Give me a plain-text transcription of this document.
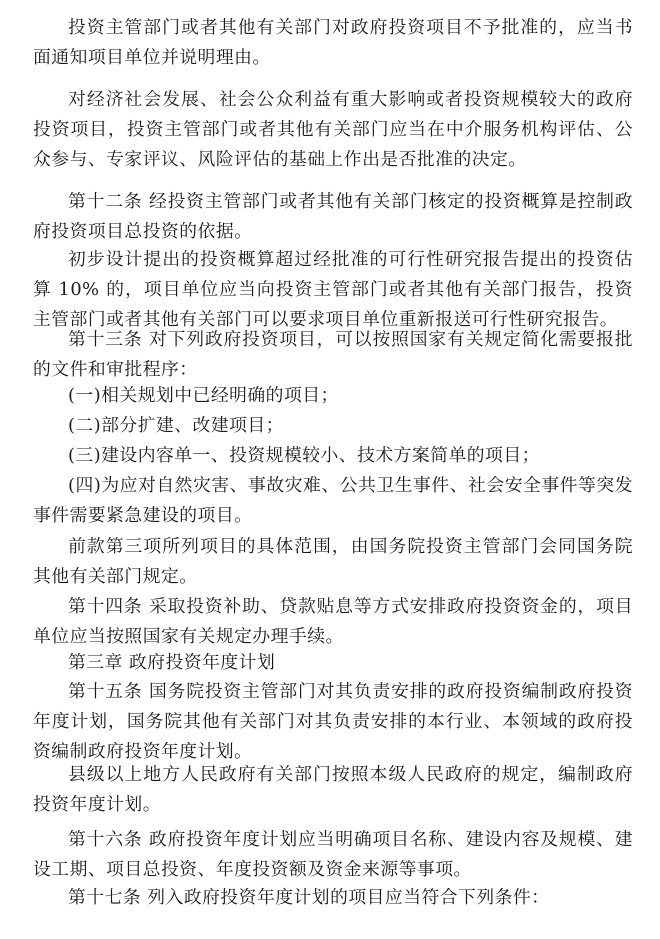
投资主管部门或者其他有关部门对政府投资项目不予批准的，应当书面通知项目单位并说明理由。

对经济社会发展、社会公众利益有重大影响或者投资规模较大的政府投资项目，投资主管部门或者其他有关部门应当在中介服务机构评估、公众参与、专家评议、风险评估的基础上作出是否批准的决定。

第十二条 经投资主管部门或者其他有关部门核定的投资概算是控制政府投资项目总投资的依据。

初步设计提出的投资概算超过经批准的可行性研究报告提出的投资估算 10% 的，项目单位应当向投资主管部门或者其他有关部门报告，投资主管部门或者其他有关部门可以要求项目单位重新报送可行性研究报告。

第十三条 对下列政府投资项目，可以按照国家有关规定简化需要报批的文件和审批程序：

(一)相关规划中已经明确的项目；

(二)部分扩建、改建项目；

(三)建设内容单一、投资规模较小、技术方案简单的项目；

(四)为应对自然灾害、事故灾难、公共卫生事件、社会安全事件等突发事件需要紧急建设的项目。

前款第三项所列项目的具体范围，由国务院投资主管部门会同国务院其他有关部门规定。

第十四条 采取投资补助、贷款贴息等方式安排政府投资资金的，项目单位应当按照国家有关规定办理手续。

第三章 政府投资年度计划

第十五条 国务院投资主管部门对其负责安排的政府投资编制政府投资年度计划，国务院其他有关部门对其负责安排的本行业、本领域的政府投资编制政府投资年度计划。

县级以上地方人民政府有关部门按照本级人民政府的规定，编制政府投资年度计划。

第十六条 政府投资年度计划应当明确项目名称、建设内容及规模、建设工期、项目总投资、年度投资额及资金来源等事项。

第十七条 列入政府投资年度计划的项目应当符合下列条件：
